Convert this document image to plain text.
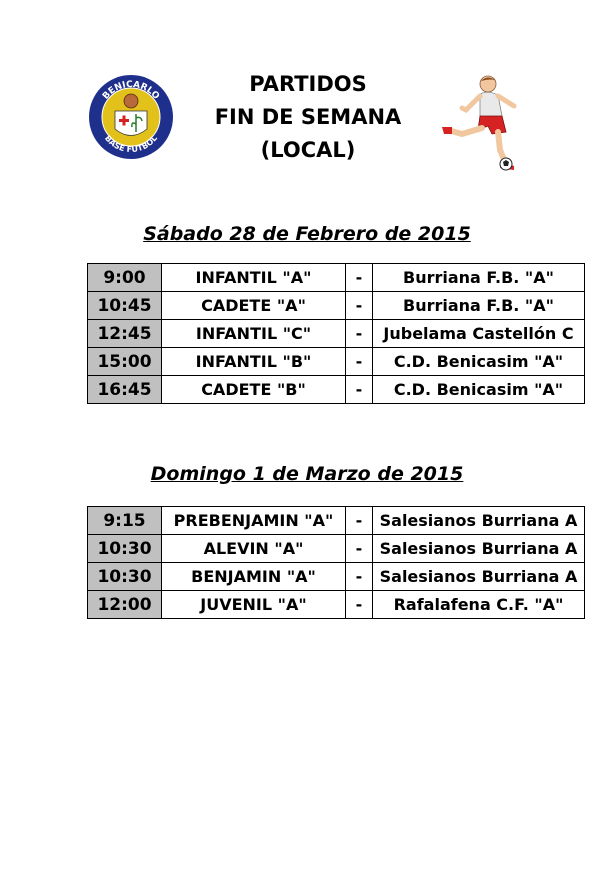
BENICARLO
BASE FUTBOL
PARTIDOS
FIN DE SEMANA
(LOCAL)
Sábado 28 de Febrero de 2015
9:00	INFANTIL "A"	-	Burriana F.B. "A"
10:45	CADETE "A"	-	Burriana F.B. "A"
12:45	INFANTIL "C"	-	Jubelama Castellón C
15:00	INFANTIL "B"	-	C.D. Benicasim "A"
16:45	CADETE "B"	-	C.D. Benicasim "A"
Domingo 1 de Marzo de 2015
9:15	PREBENJAMIN "A"	-	Salesianos Burriana A
10:30	ALEVIN "A"	-	Salesianos Burriana A
10:30	BENJAMIN "A"	-	Salesianos Burriana A
12:00	JUVENIL "A"	-	Rafalafena C.F. "A"
